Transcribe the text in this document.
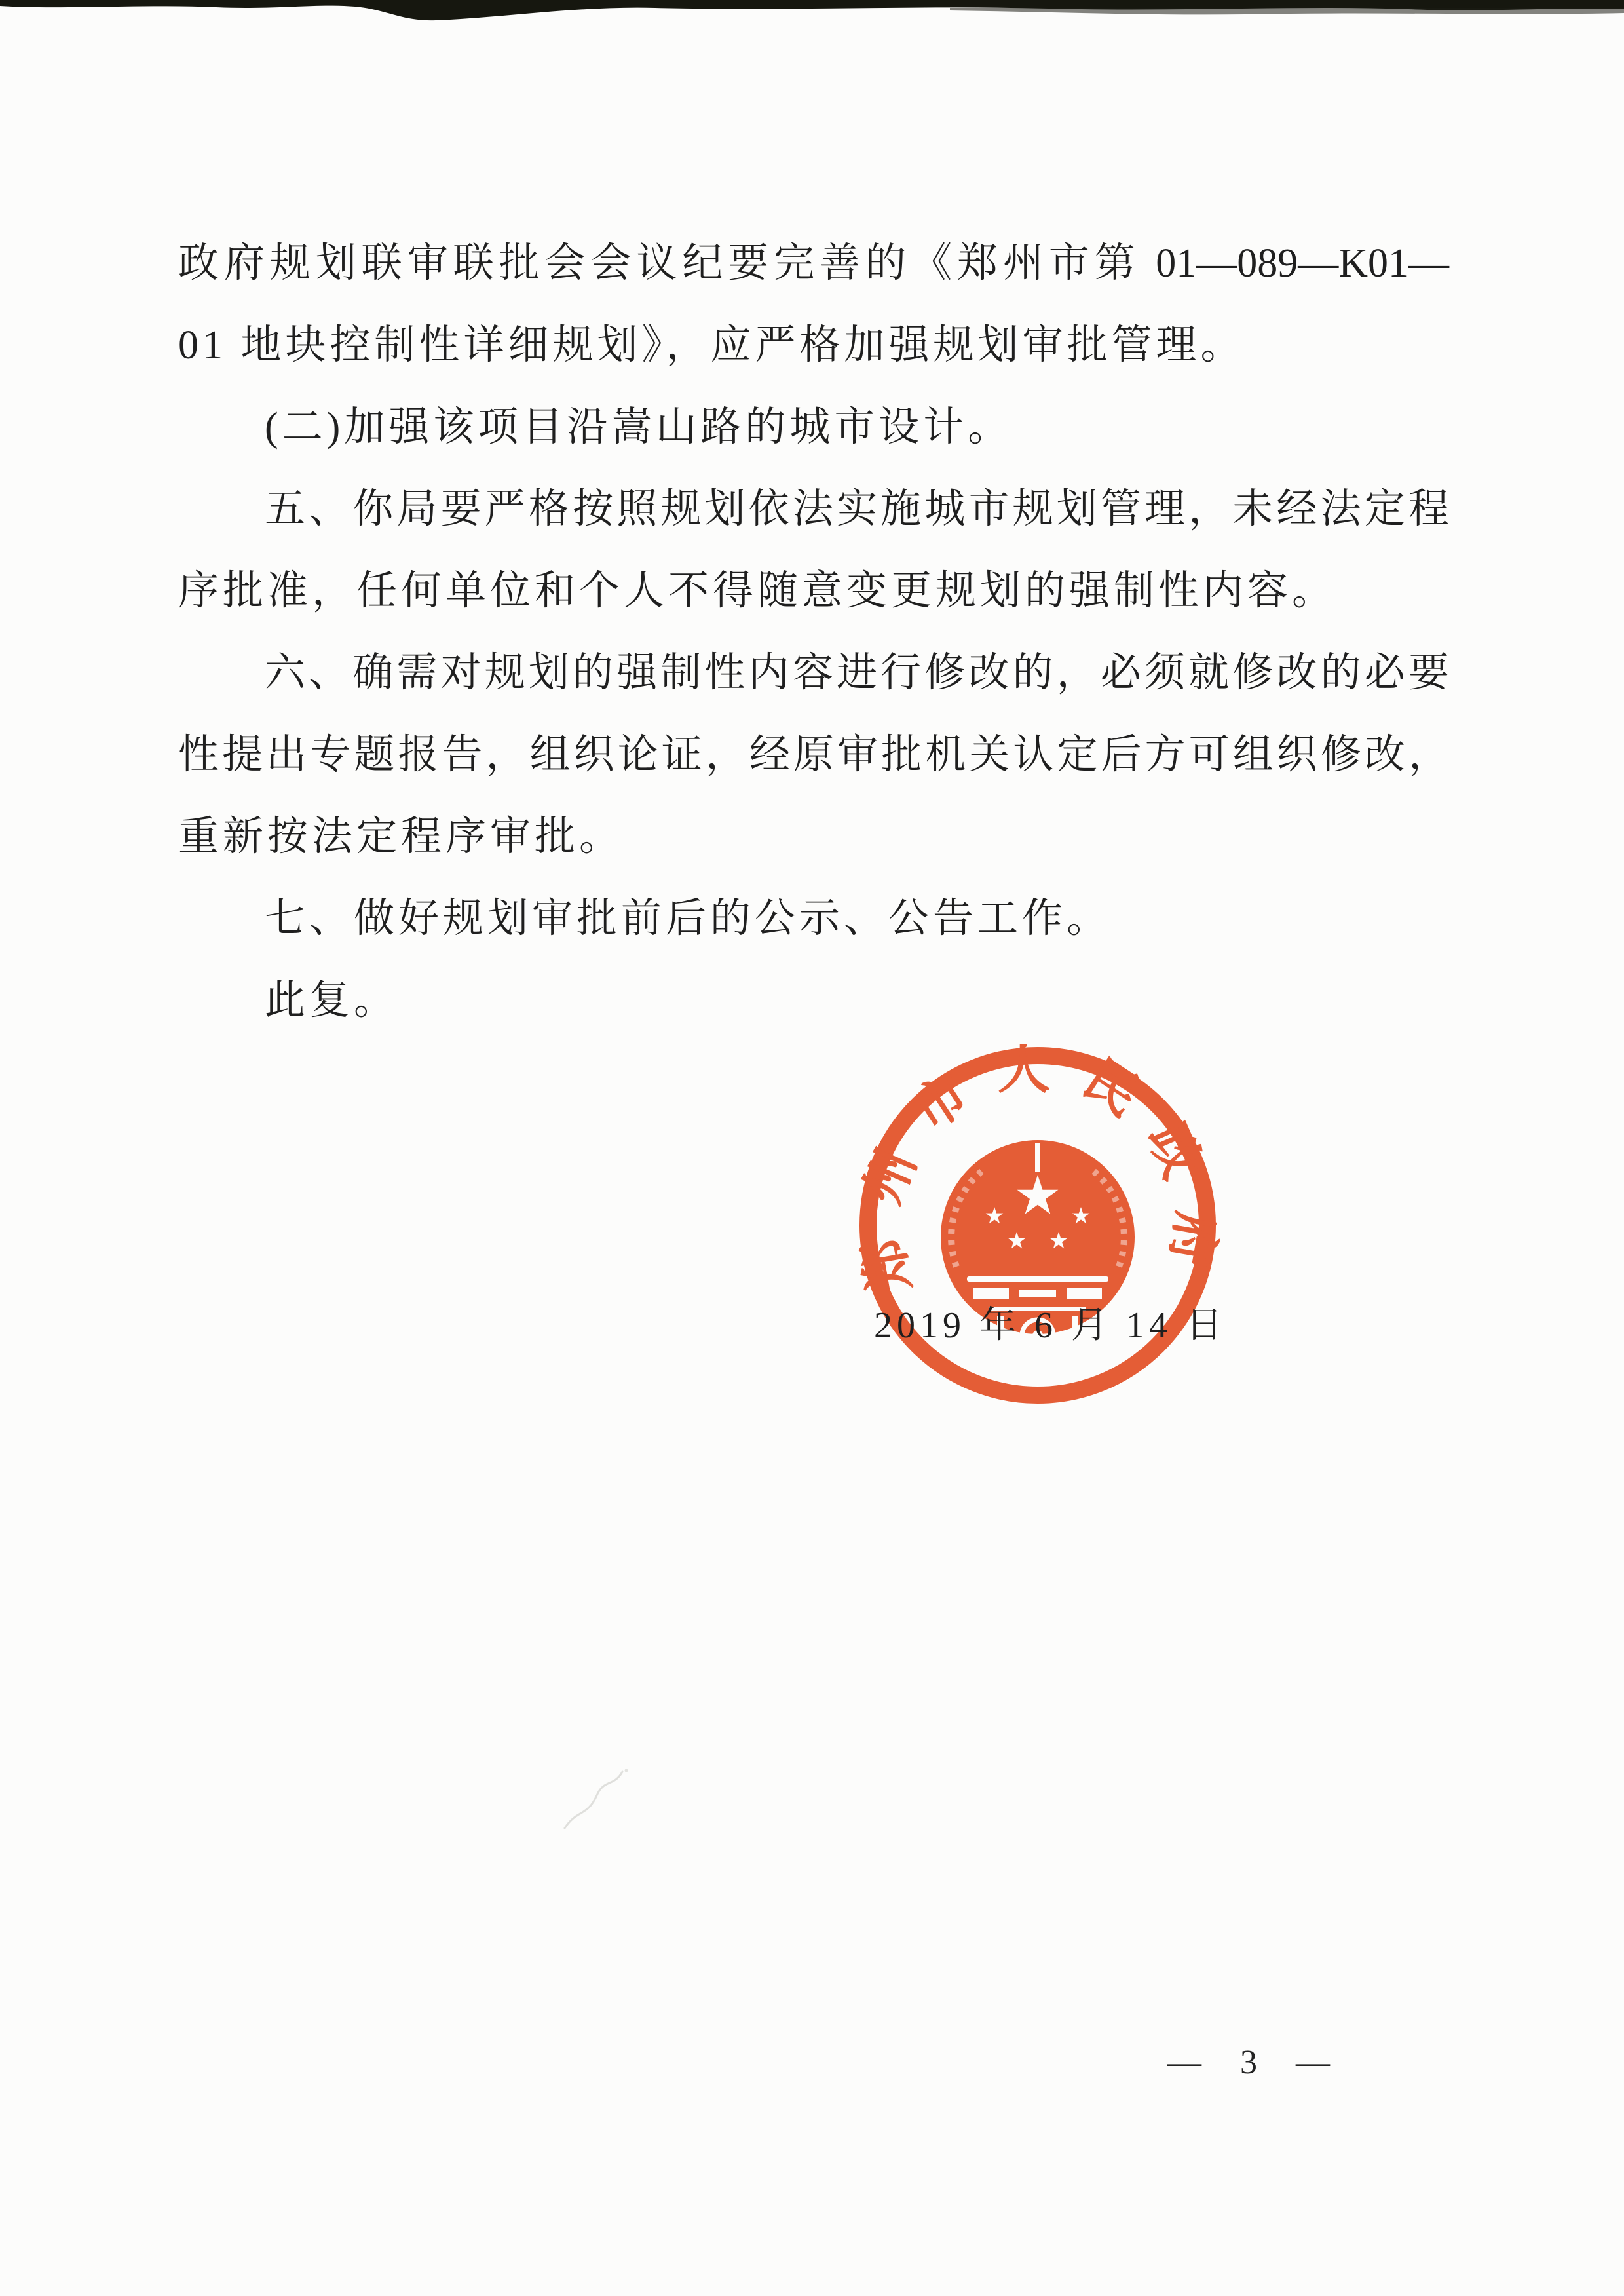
政府规划联审联批会会议纪要完善的《郑州市第 01—089—K01—
01 地块控制性详细规划》，应严格加强规划审批管理。
(二)加强该项目沿嵩山路的城市设计。
五、你局要严格按照规划依法实施城市规划管理，未经法定程
序批准，任何单位和个人不得随意变更规划的强制性内容。
六、确需对规划的强制性内容进行修改的，必须就修改的必要
性提出专题报告，组织论证，经原审批机关认定后方可组织修改，
重新按法定程序审批。
七、做好规划审批前后的公示、公告工作。
此复。
郑州市人民政府
2019 年 6 月 14 日
— 3 —
